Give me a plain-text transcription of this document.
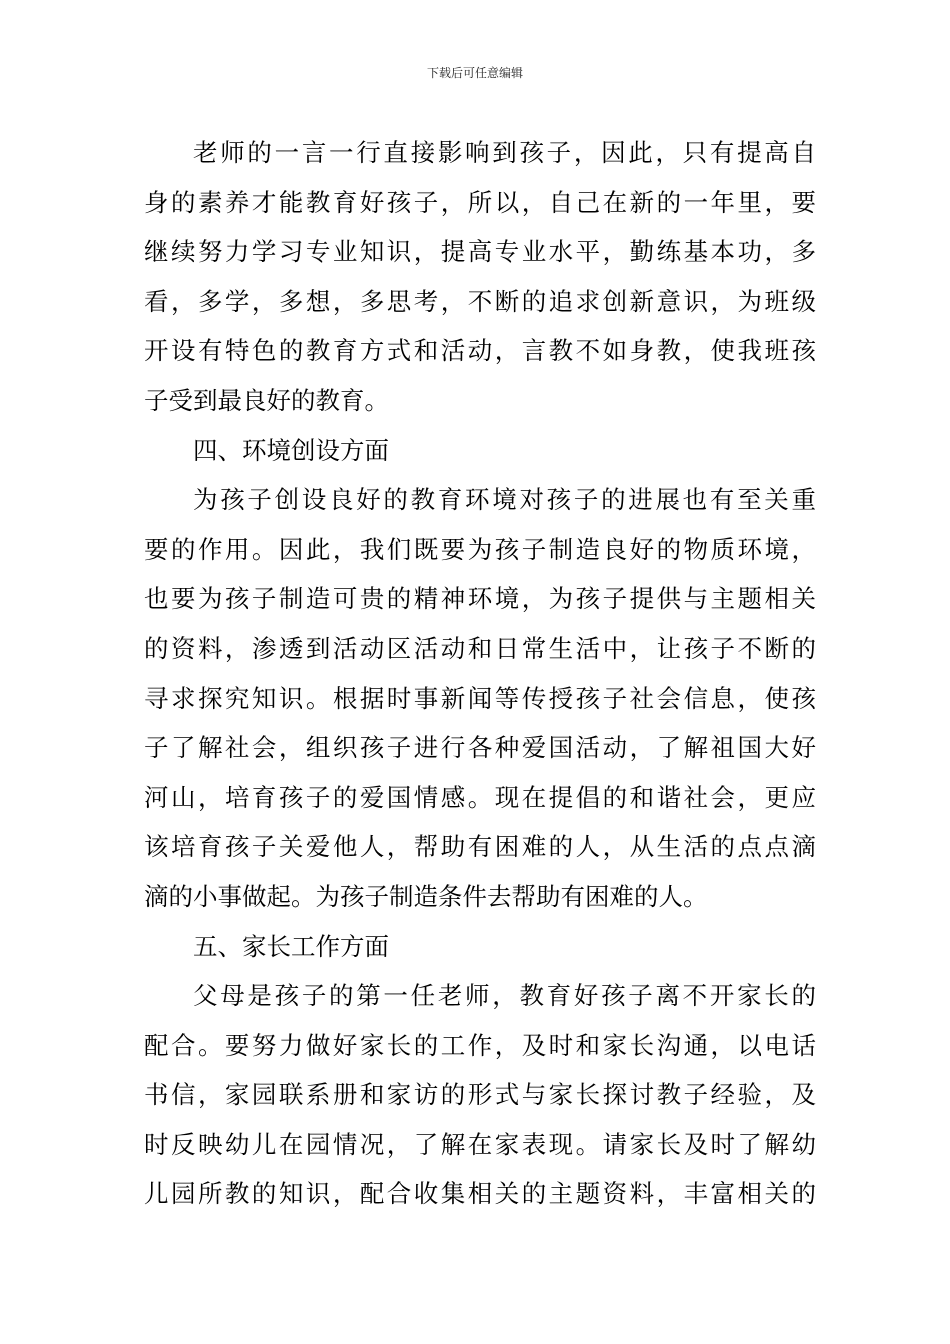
下载后可任意编辑
老师的一言一行直接影响到孩子，因此，只有提高自
身的素养才能教育好孩子，所以，自己在新的一年里，要
继续努力学习专业知识，提高专业水平，勤练基本功，多
看，多学，多想，多思考，不断的追求创新意识，为班级
开设有特色的教育方式和活动，言教不如身教，使我班孩
子受到最良好的教育。
四、环境创设方面
为孩子创设良好的教育环境对孩子的进展也有至关重
要的作用。因此，我们既要为孩子制造良好的物质环境，
也要为孩子制造可贵的精神环境，为孩子提供与主题相关
的资料，渗透到活动区活动和日常生活中，让孩子不断的
寻求探究知识。根据时事新闻等传授孩子社会信息，使孩
子了解社会，组织孩子进行各种爱国活动，了解祖国大好
河山，培育孩子的爱国情感。现在提倡的和谐社会，更应
该培育孩子关爱他人，帮助有困难的人，从生活的点点滴
滴的小事做起。为孩子制造条件去帮助有困难的人。
五、家长工作方面
父母是孩子的第一任老师，教育好孩子离不开家长的
配合。要努力做好家长的工作，及时和家长沟通，以电话
书信，家园联系册和家访的形式与家长探讨教子经验，及
时反映幼儿在园情况，了解在家表现。请家长及时了解幼
儿园所教的知识，配合收集相关的主题资料，丰富相关的
